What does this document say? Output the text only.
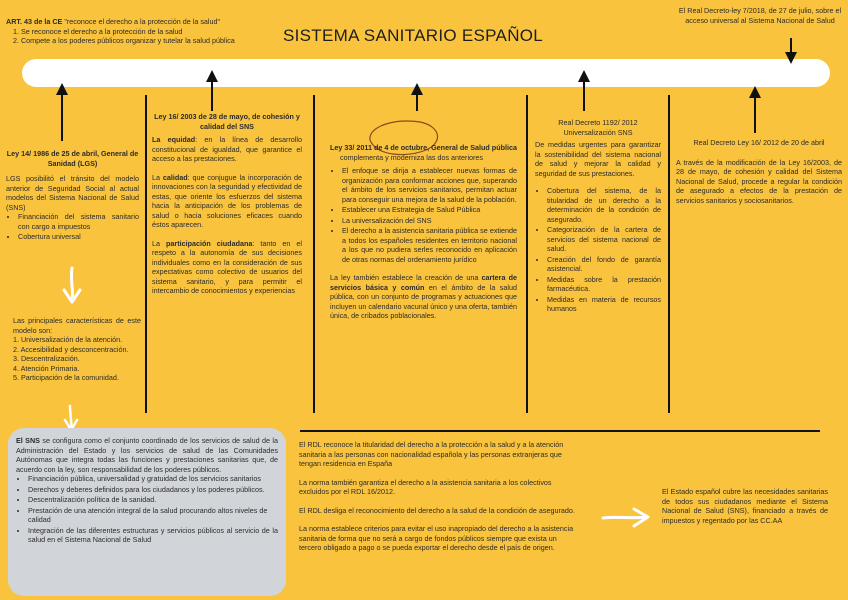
ART. 43 de la CE "reconoce el derecho a la protección de la salud"
1. Se reconoce el derecho a la protección de la salud
2. Compete a los poderes públicos organizar y tutelar la salud pública	SISTEMA SANITARIO ESPAÑOL
El Real Decreto-ley 7/2018, de 27 de julio, sobre el acceso universal al Sistema Nacional de Salud
Ley 14/ 1986 de 25 de abril, General de Sanidad (LGS)
LGS posibilitó el tránsito del modelo anterior de Seguridad Social al actual modelos del Sistema Nacional de Salud (SNS)
• Financiación del sistema sanitario con cargo a impuestos
• Cobertura universal
Las principales características de este modelo son:
1. Universalización de la atención.
2. Accesibilidad y desconcentración.
3. Descentralización.
4. Atención Primaria.
5. Participación de la comunidad.
Ley 16/ 2003 de 28 de mayo, de cohesión y calidad del SNS
La equidad: en la línea de desarrollo constitucional de igualdad, que garantice el acceso a las prestaciones.
La calidad: que conjugue la incorporación de innovaciones con la seguridad y efectividad de estas, que oriente los esfuerzos del sistema hacia la anticipación de los problemas de salud o hacia soluciones eficaces cuando éstos aparecen.
La participación ciudadana: tanto en el respeto a la autonomía de sus decisiones individuales como en la consideración de sus expectativas como colectivo de usuarios del sistema sanitario, y para permitir el intercambio de conocimientos y experiencias
Ley 33/ 2011 de 4 de octubre, General de Salud pública
complementa y moderniza las dos anteriores
• El enfoque se dirija a establecer nuevas formas de organización para conformar acciones que, superando el ámbito de los servicios sanitarios, permitan actuar para conseguir una mejora de la salud de la población.
• Establecer una Estrategia de Salud Pública
• La universalización del SNS
• El derecho a la asistencia sanitaria pública se extiende a todos los españoles residentes en territorio nacional a los que no pudiera serles reconocido en aplicación de otras normas del ordenamiento jurídico
La ley también establece la creación de una cartera de servicios básica y común en el ámbito de la salud pública, con un conjunto de programas y actuaciones que incluyen un calendario vacunal único y una oferta, también única, de cribados poblacionales.
Real Decreto 1192/ 2012 Universalización SNS
De medidas urgentes para garantizar la sostenibilidad del sistema nacional de salud y mejorar la calidad y seguridad de sus prestaciones.
• Cobertura del sistema, de la titularidad de un derecho a la determinación de la condición de asegurado.
• Categorización de la cartera de servicios del sistema nacional de salud.
• Creación del fondo de garantía asistencial.
• Medidas sobre la prestación farmacéutica.
• Medidas en materia de recursos humanos
Real Decreto Ley 16/ 2012 de 20 de abril
A través de la modificación de la Ley 16/2003, de 28 de mayo, de cohesión y calidad del Sistema Nacional de Salud, procede a regular la condición de asegurado a efectos de la prestación de servicios sanitarios y sociosanitarios.
El SNS se configura como el conjunto coordinado de los servicios de salud de la Administración del Estado y los servicios de salud de las Comunidades Autónomas que integra todas las funciones y prestaciones sanitarias que, de acuerdo con la ley, son responsabilidad de los poderes públicos.
• Financiación pública, universalidad y gratuidad de los servicios sanitarios
• Derechos y deberes definidos para los ciudadanos y los poderes públicos.
• Descentralización política de la sanidad.
• Prestación de una atención integral de la salud procurando altos niveles de calidad
• Integración de las diferentes estructuras y servicios públicos al servicio de la salud en el Sistema Nacional de Salud
El RDL reconoce la titularidad del derecho a la protección a la salud y a la atención sanitaria a las personas con nacionalidad española y las personas extranjeras que tengan residencia en España
La norma también garantiza el derecho a la asistencia sanitaria a los colectivos excluidos por el RDL 16/2012.
El RDL desliga el reconocimiento del derecho a la salud de la condición de asegurado.
La norma establece criterios para evitar el uso inapropiado del derecho a la asistencia sanitaria de forma que no será a cargo de fondos públicos siempre que exista un tercero obligado a pago o se pueda exportar el derecho desde el país de origen.
El Estado español cubre las necesidades sanitarias de todos sus ciudadanos mediante el Sistema Nacional de Salud (SNS), financiado a través de impuestos y regentado por las CC.AA
